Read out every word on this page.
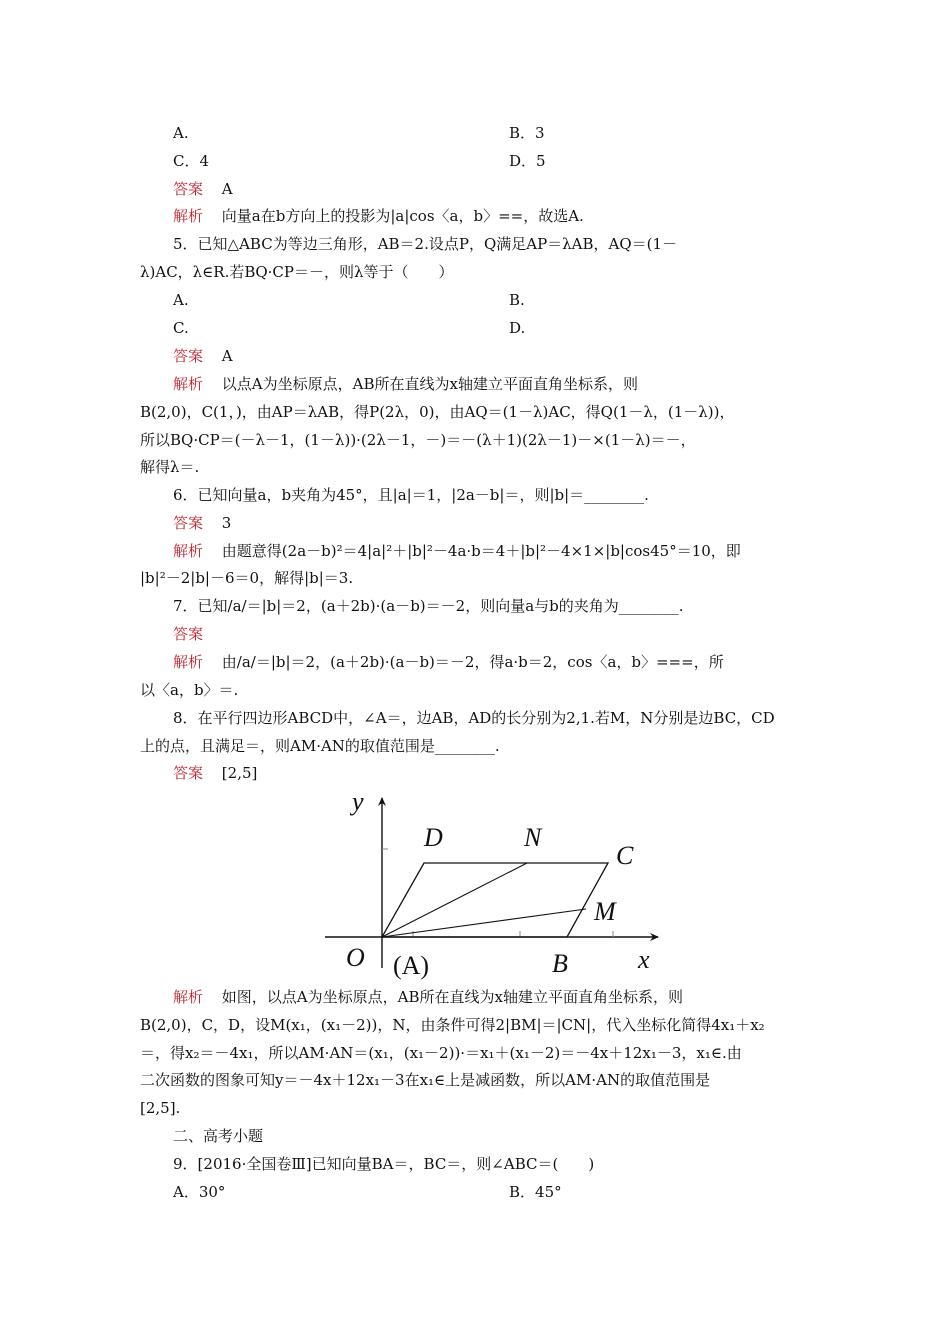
A.	B．3
C．4	D．5
答案 A
解析 向量a在b方向上的投影为|a|cos〈a，b〉==，故选A.
5．已知△ABC为等边三角形，AB＝2.设点P，Q满足AP＝λAB，AQ＝(1－
λ)AC，λ∈R.若BQ·CP＝－，则λ等于（　　）
A.	B.
C.	D.
答案 A
解析 以点A为坐标原点，AB所在直线为x轴建立平面直角坐标系，则
B(2,0)，C(1，)，由AP＝λAB，得P(2λ，0)，由AQ＝(1－λ)AC，得Q(1－λ，(1－λ))，
所以BQ·CP＝(－λ－1，(1－λ))·(2λ－1，－)＝－(λ＋1)(2λ－1)－×(1－λ)＝－，
解得λ＝.
6．已知向量a，b夹角为45°，且|a|＝1，|2a－b|＝，则|b|＝________.
答案 3
解析 由题意得(2a－b)²＝4|a|²＋|b|²－4a·b＝4＋|b|²－4×1×|b|cos45°＝10，即
|b|²－2|b|－6＝0，解得|b|＝3.
7．已知/a/＝|b|＝2，(a＋2b)·(a－b)＝－2，则向量a与b的夹角为________.
答案
解析 由/a/＝|b|＝2，(a＋2b)·(a－b)＝－2，得a·b＝2，cos〈a，b〉===，所
以〈a，b〉＝.
8．在平行四边形ABCD中，∠A＝，边AB，AD的长分别为2,1.若M，N分别是边BC，CD
上的点，且满足＝，则AM·AN的取值范围是________.
答案 [2,5]
y
x
O (A)	B
C
D
M
N
解析 如图，以点A为坐标原点，AB所在直线为x轴建立平面直角坐标系，则
B(2,0)，C，D，设M(x₁，(x₁－2))，N，由条件可得2|BM|＝|CN|，代入坐标化简得4x₁＋x₂
＝，得x₂＝－4x₁，所以AM·AN＝(x₁，(x₁－2))·＝x₁＋(x₁－2)＝－4x＋12x₁－3，x₁∈.由
二次函数的图象可知y＝－4x＋12x₁－3在x₁∈上是减函数，所以AM·AN的取值范围是
[2,5].
二、高考小题
9．[2016·全国卷Ⅲ]已知向量BA＝，BC＝，则∠ABC＝(　　)
A．30°	B．45°
